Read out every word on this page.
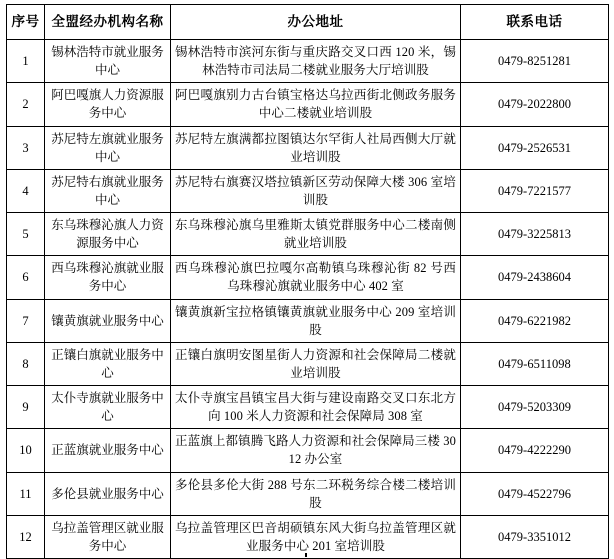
序号	全盟经办机构名称	办公地址	联系电话
1	锡林浩特市就业服务中心	锡林浩特市滨河东街与重庆路交叉口西 120 米，锡林浩特市司法局二楼就业服务大厅培训股	0479-8251281
2	阿巴嘎旗人力资源服务中心	阿巴嘎旗别力古台镇宝格达乌拉西街北侧政务服务中心二楼就业培训股	0479-2022800
3	苏尼特左旗就业服务中心	苏尼特左旗满都拉图镇达尔罕街人社局西侧大厅就业培训股	0479-2526531
4	苏尼特右旗就业服务中心	苏尼特右旗赛汉塔拉镇新区劳动保障大楼 306 室培训股	0479-7221577
5	东乌珠穆沁旗人力资源服务中心	东乌珠穆沁旗乌里雅斯太镇党群服务中心二楼南侧就业培训股	0479-3225813
6	西乌珠穆沁旗就业服务中心	西乌珠穆沁旗巴拉嘎尔高勒镇乌珠穆沁街 82 号西乌珠穆沁旗就业服务中心 402 室	0479-2438604
7	镶黄旗就业服务中心	镶黄旗新宝拉格镇镶黄旗就业服务中心 209 室培训股	0479-6221982
8	正镶白旗就业服务中心	正镶白旗明安图星街人力资源和社会保障局二楼就业培训股	0479-6511098
9	太仆寺旗就业服务中心	太仆寺旗宝昌镇宝昌大街与建设南路交叉口东北方向 100 米人力资源和社会保障局 308 室	0479-5203309
10	正蓝旗就业服务中心	正蓝旗上都镇腾飞路人力资源和社会保障局三楼 3012 办公室	0479-4222290
11	多伦县就业服务中心	多伦县多伦大街 288 号东二环税务综合楼二楼培训股	0479-4522796
12	乌拉盖管理区就业服务中心	乌拉盖管理区巴音胡硕镇东风大街乌拉盖管理区就业服务中心 201 室培训股	0479-3351012
